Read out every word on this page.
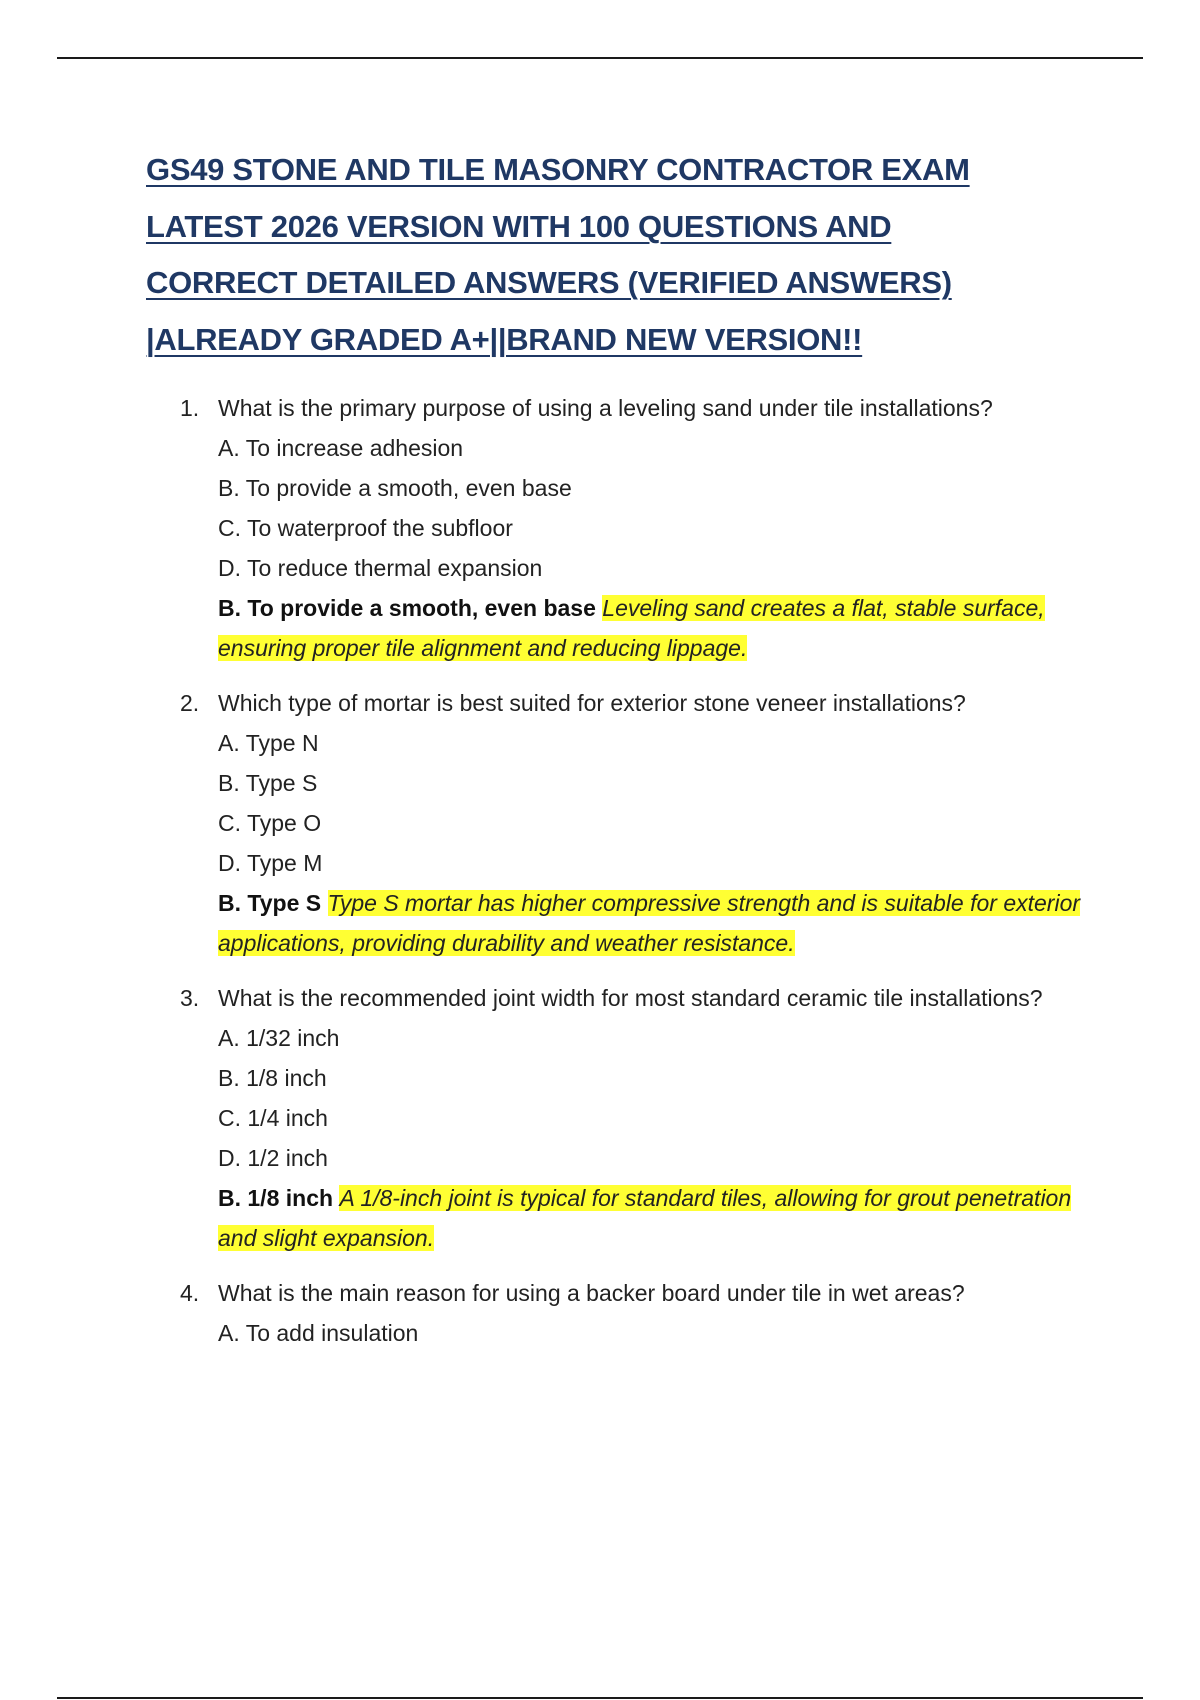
GS49 STONE AND TILE MASONRY CONTRACTOR EXAM
LATEST 2026 VERSION WITH 100 QUESTIONS AND
CORRECT DETAILED ANSWERS (VERIFIED ANSWERS)
|ALREADY GRADED A+||BRAND NEW VERSION!!
1. What is the primary purpose of using a leveling sand under tile installations?
A. To increase adhesion
B. To provide a smooth, even base
C. To waterproof the subfloor
D. To reduce thermal expansion
B. To provide a smooth, even base Leveling sand creates a flat, stable surface, ensuring proper tile alignment and reducing lippage.
2. Which type of mortar is best suited for exterior stone veneer installations?
A. Type N
B. Type S
C. Type O
D. Type M
B. Type S Type S mortar has higher compressive strength and is suitable for exterior applications, providing durability and weather resistance.
3. What is the recommended joint width for most standard ceramic tile installations?
A. 1/32 inch
B. 1/8 inch
C. 1/4 inch
D. 1/2 inch
B. 1/8 inch A 1/8-inch joint is typical for standard tiles, allowing for grout penetration and slight expansion.
4. What is the main reason for using a backer board under tile in wet areas?
A. To add insulation
